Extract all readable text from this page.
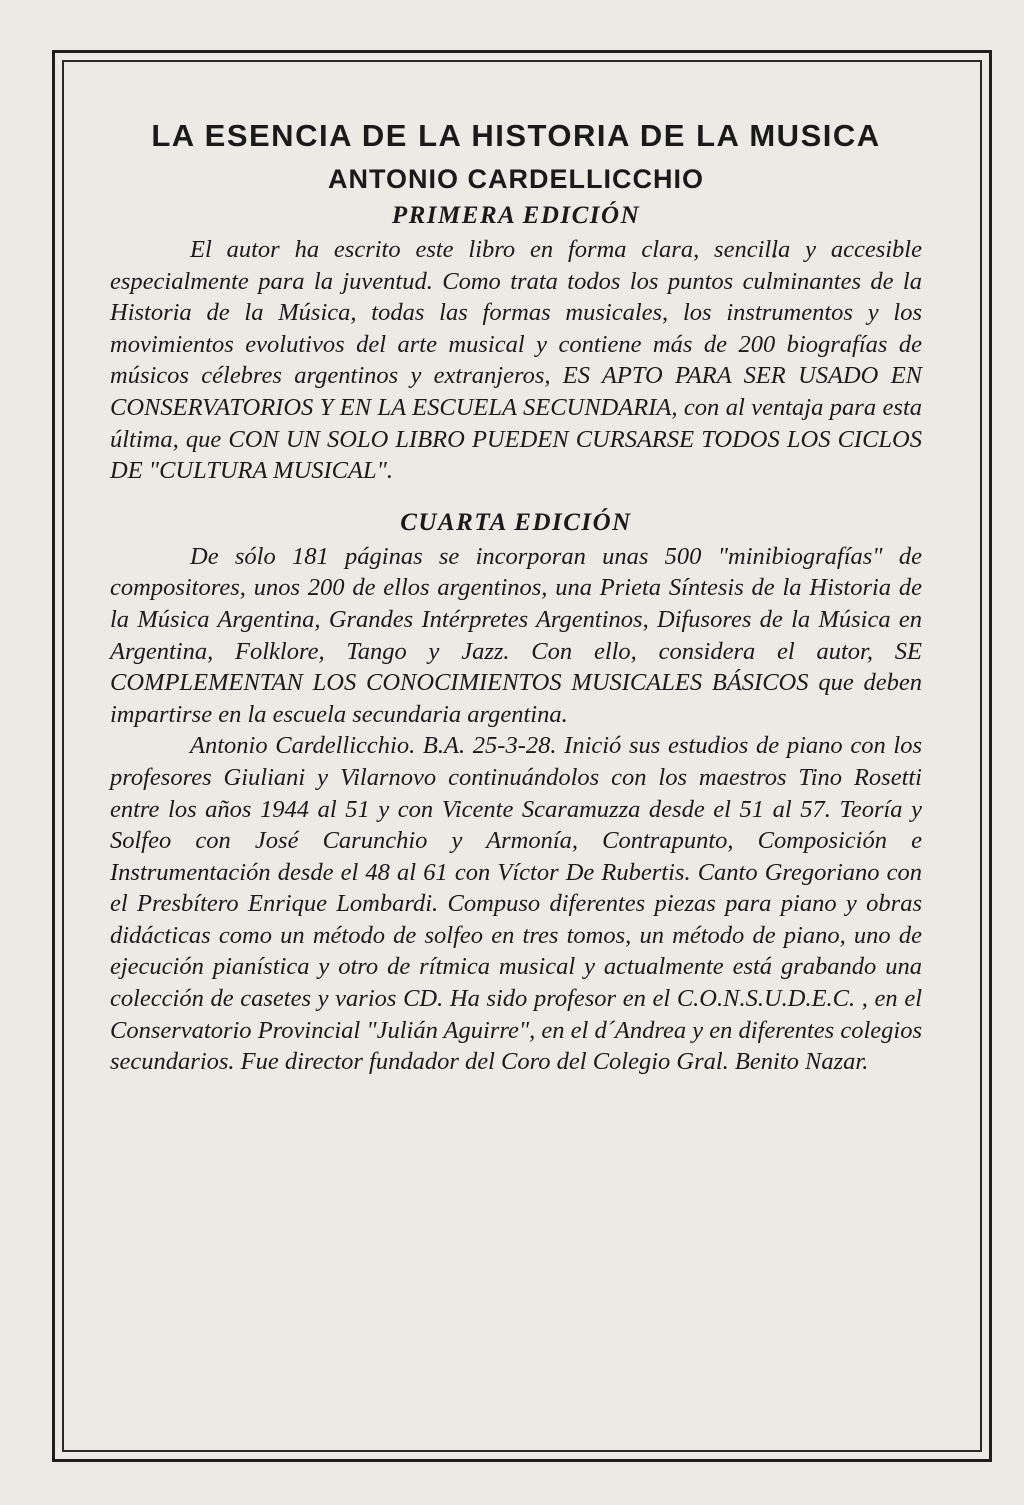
LA ESENCIA DE LA HISTORIA DE LA MUSICA
ANTONIO CARDELLICCHIO
PRIMERA EDICIÓN

El autor ha escrito este libro en forma clara, sencilla y accesible especialmente para la juventud. Como trata todos los puntos culminantes de la Historia de la Música, todas las formas musicales, los instrumentos y los movimientos evolutivos del arte musical y contiene más de 200 biografías de músicos célebres argentinos y extranjeros, ES APTO PARA SER USADO EN CONSERVATORIOS Y EN LA ESCUELA SECUNDARIA, con al ventaja para esta última, que CON UN SOLO LIBRO PUEDEN CURSARSE TODOS LOS CICLOS DE "CULTURA MUSICAL".

CUARTA EDICIÓN

De sólo 181 páginas se incorporan unas 500 "minibiografías" de compositores, unos 200 de ellos argentinos, una Prieta Síntesis de la Historia de la Música Argentina, Grandes Intérpretes Argentinos, Difusores de la Música en Argentina, Folklore, Tango y Jazz. Con ello, considera el autor, SE COMPLEMENTAN LOS CONOCIMIENTOS MUSICALES BÁSICOS que deben impartirse en la escuela secundaria argentina.

Antonio Cardellicchio. B.A. 25-3-28. Inició sus estudios de piano con los profesores Giuliani y Vilarnovo continuándolos con los maestros Tino Rosetti entre los años 1944 al 51 y con Vicente Scaramuzza desde el 51 al 57. Teoría y Solfeo con José Carunchio y Armonía, Contrapunto, Composición e Instrumentación desde el 48 al 61 con Víctor De Rubertis. Canto Gregoriano con el Presbítero Enrique Lombardi. Compuso diferentes piezas para piano y obras didácticas como un método de solfeo en tres tomos, un método de piano, uno de ejecución pianística y otro de rítmica musical y actualmente está grabando una colección de casetes y varios CD. Ha sido profesor en el C.O.N.S.U.D.E.C. , en el Conservatorio Provincial "Julián Aguirre", en el d´Andrea y en diferentes colegios secundarios. Fue director fundador del Coro del Colegio Gral. Benito Nazar.
